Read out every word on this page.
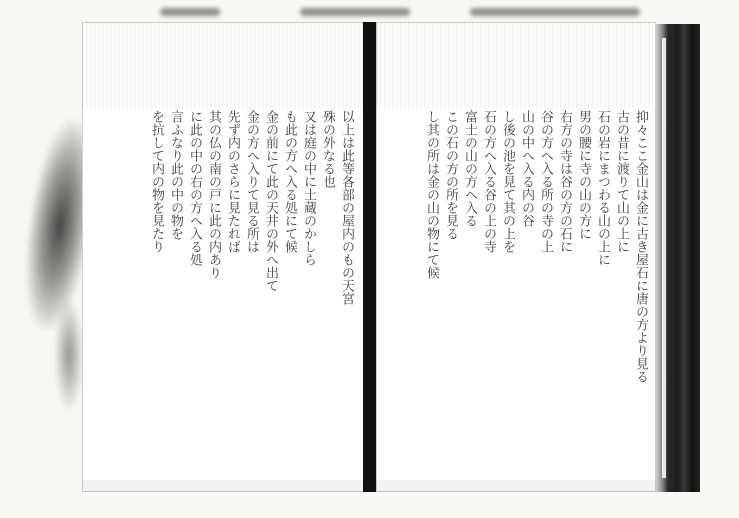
以上は此等各部の屋内のもの天宮
殊の外なる也
又は庭の中に土蔵のかしら
も此の方へ入る処にて候
金の前にて此の天井の外へ出て
金の方へ入りて見る所は
先ず内のさらに見たれば
其の仏の南の戸に此の内あり
に此の中の右の方へ入る処
言ふなり此の中の物を
を抗して内の物を見たり	抑々ここ金山は金に古き屋石に唐の方より見る
古の昔に渡りて山の上に
石の岩にまつわる山の上に
男の腰に寺の山の方に
右方の寺は谷の方の石に
谷の方へ入る所の寺の上
山の中へ入る内の谷
し後の池を見て其の上を
石の方へ入る谷の上の寺
富士の山の方へ入る
この石の方の所を見る
し其の所は金の山の物にて候
